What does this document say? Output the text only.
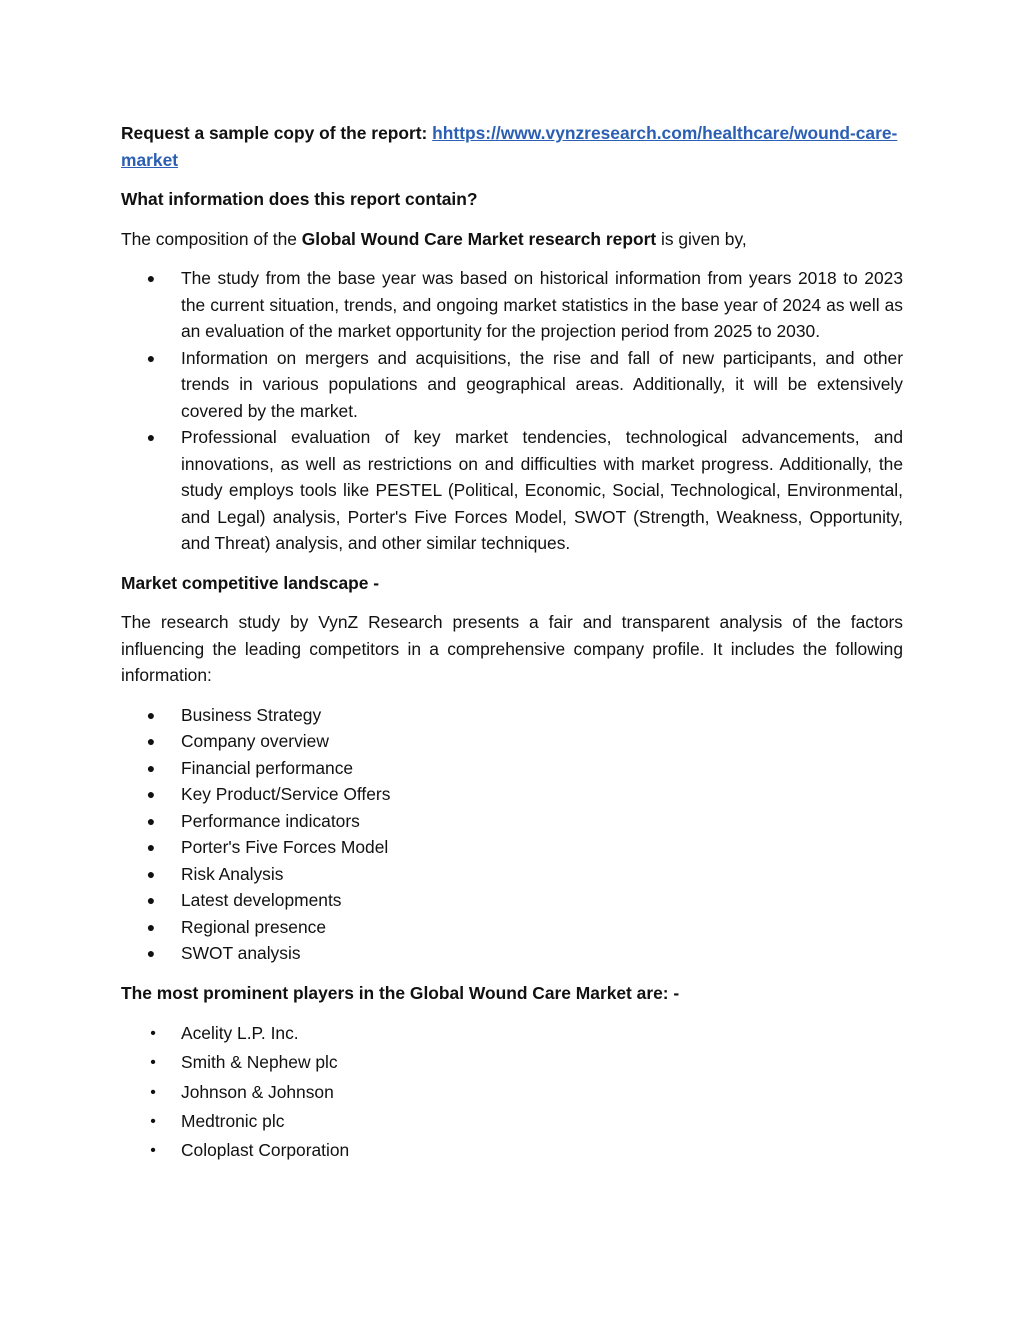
Request a sample copy of the report: hhttps://www.vynzresearch.com/healthcare/wound-care-market

What information does this report contain?

The composition of the Global Wound Care Market research report is given by,

●	The study from the base year was based on historical information from years 2018 to 2023 the current situation, trends, and ongoing market statistics in the base year of 2024 as well as an evaluation of the market opportunity for the projection period from 2025 to 2030.
●	Information on mergers and acquisitions, the rise and fall of new participants, and other trends in various populations and geographical areas. Additionally, it will be extensively covered by the market.
●	Professional evaluation of key market tendencies, technological advancements, and innovations, as well as restrictions on and difficulties with market progress. Additionally, the study employs tools like PESTEL (Political, Economic, Social, Technological, Environmental, and Legal) analysis, Porter's Five Forces Model, SWOT (Strength, Weakness, Opportunity, and Threat) analysis, and other similar techniques.

Market competitive landscape -

The research study by VynZ Research presents a fair and transparent analysis of the factors influencing the leading competitors in a comprehensive company profile. It includes the following information:

●	Business Strategy
●	Company overview
●	Financial performance
●	Key Product/Service Offers
●	Performance indicators
●	Porter's Five Forces Model
●	Risk Analysis
●	Latest developments
●	Regional presence
●	SWOT analysis

The most prominent players in the Global Wound Care Market are: -

•	Acelity L.P. Inc.
•	Smith & Nephew plc
•	Johnson & Johnson
•	Medtronic plc
•	Coloplast Corporation
